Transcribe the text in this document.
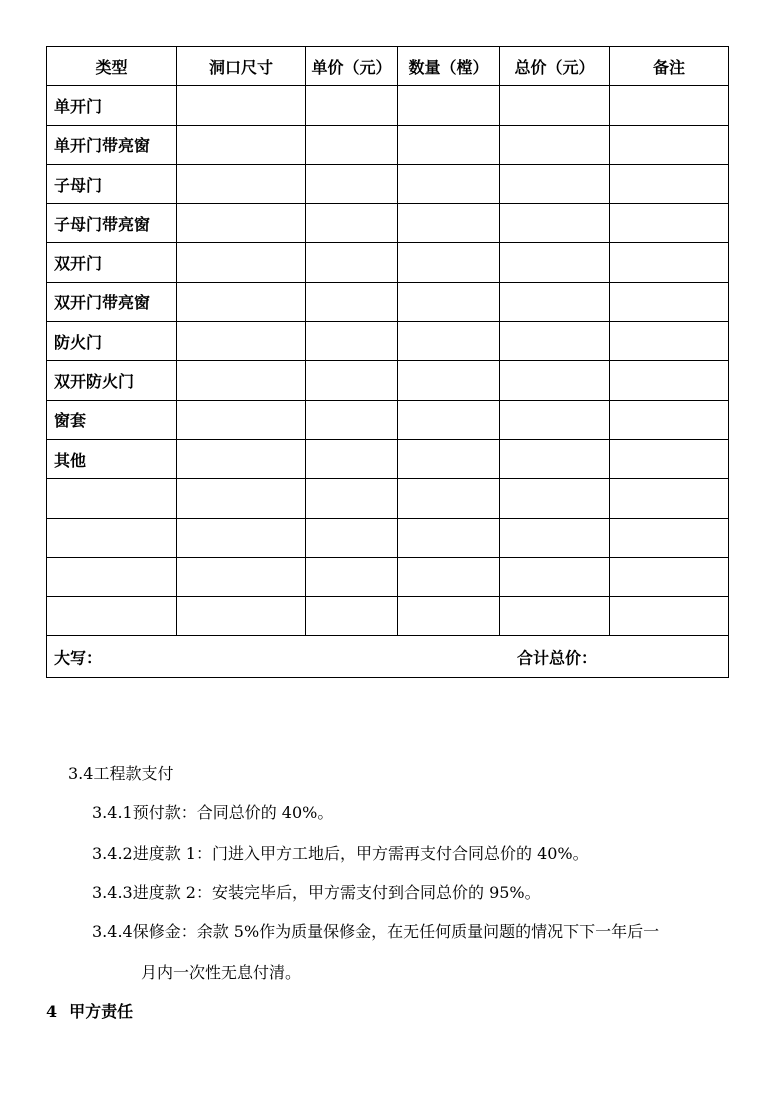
类型	洞口尺寸	单价（元）	数量（樘）	总价（元）	备注
单开门					
单开门带亮窗					
子母门					
子母门带亮窗					
双开门					
双开门带亮窗					
防火门					
双开防火门					
窗套					
其他					

大写： 合计总价：					
3.4工程款支付
3.4.1预付款：合同总价的 40%。
3.4.2进度款 1：门进入甲方工地后，甲方需再支付合同总价的 40%。
3.4.3进度款 2：安装完毕后，甲方需支付到合同总价的 95%。
3.4.4保修金：余款 5%作为质量保修金，在无任何质量问题的情况下下一年后一
月内一次性无息付清。
4 甲方责任
